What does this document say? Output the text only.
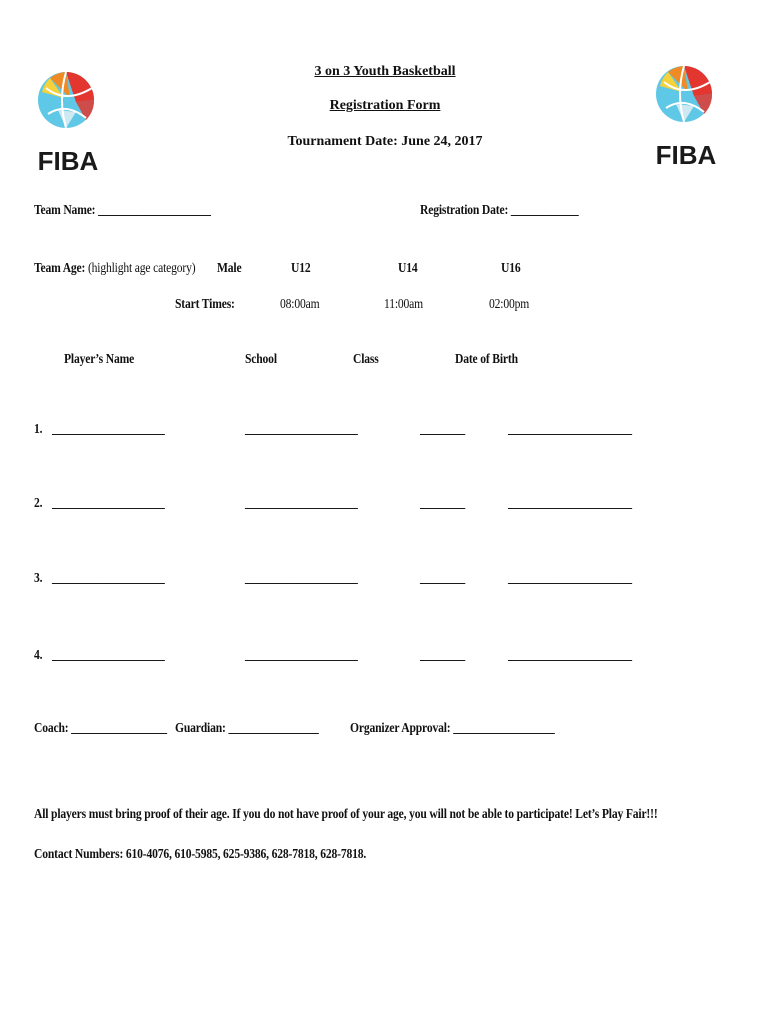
FIBA	FIBA
3 on 3 Youth Basketball
Registration Form
Tournament Date: June 24, 2017
Team Name: ____________________	Registration Date: ____________
Team Age: (highlight age category) Male	U12	U14	U16
Start Times:	08:00am	11:00am	02:00pm
Player’s Name	School	Class	Date of Birth
1. ____________________	____________________	________	______________________
2. ____________________	____________________	________	______________________
3. ____________________	____________________	________	______________________
4. ____________________	____________________	________	______________________
Coach: _________________ Guardian: ________________ Organizer Approval: __________________
All players must bring proof of their age. If you do not have proof of your age, you will not be able to participate! Let’s Play Fair!!!
Contact Numbers: 610-4076, 610-5985, 625-9386, 628-7818, 628-7818.
